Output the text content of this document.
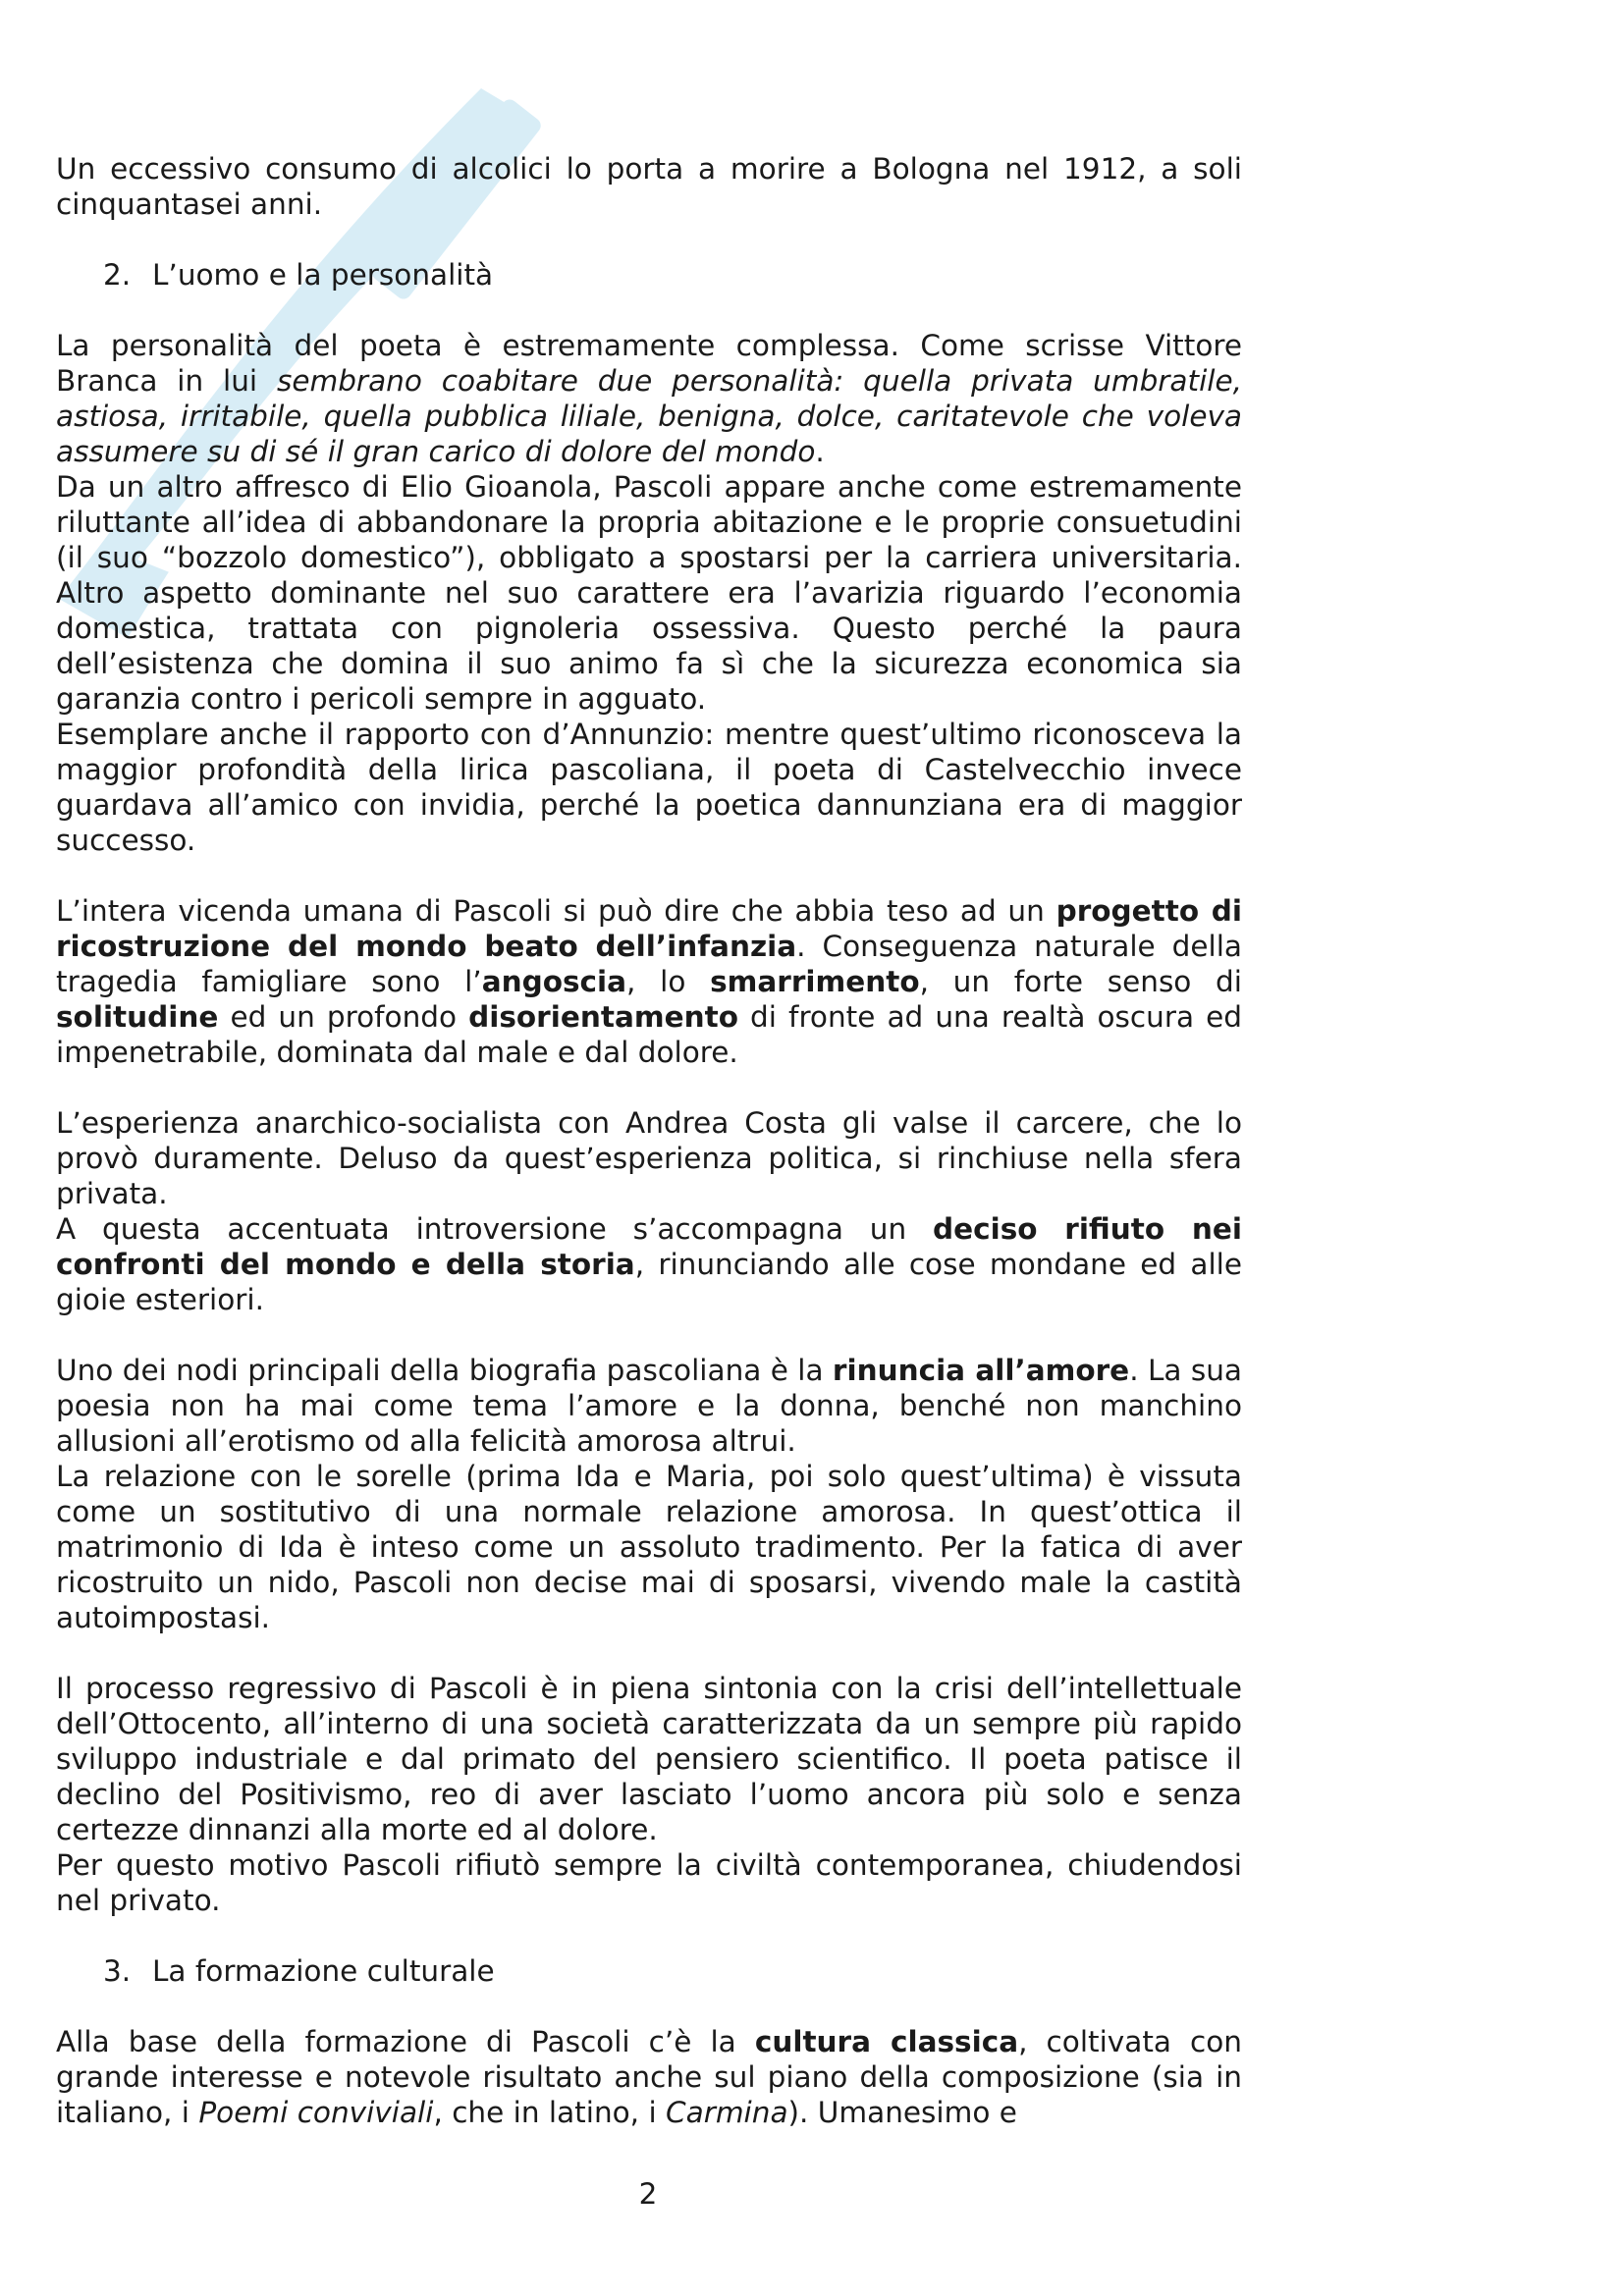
Un eccessivo consumo di alcolici lo porta a morire a Bologna nel 1912, a soli cinquantasei anni.

2. L’uomo e la personalità

La personalità del poeta è estremamente complessa. Come scrisse Vittore Branca in lui sembrano coabitare due personalità: quella privata umbratile, astiosa, irritabile, quella pubblica liliale, benigna, dolce, caritatevole che voleva assumere su di sé il gran carico di dolore del mondo.

Da un altro affresco di Elio Gioanola, Pascoli appare anche come estremamente riluttante all’idea di abbandonare la propria abitazione e le proprie consuetudini (il suo “bozzolo domestico”), obbligato a spostarsi per la carriera universitaria. Altro aspetto dominante nel suo carattere era l’avarizia riguardo l’economia domestica, trattata con pignoleria ossessiva. Questo perché la paura dell’esistenza che domina il suo animo fa sì che la sicurezza economica sia garanzia contro i pericoli sempre in agguato.

Esemplare anche il rapporto con d’Annunzio: mentre quest’ultimo riconosceva la maggior profondità della lirica pascoliana, il poeta di Castelvecchio invece guardava all’amico con invidia, perché la poetica dannunziana era di maggior successo.

L’intera vicenda umana di Pascoli si può dire che abbia teso ad un progetto di ricostruzione del mondo beato dell’infanzia. Conseguenza naturale della tragedia famigliare sono l’angoscia, lo smarrimento, un forte senso di solitudine ed un profondo disorientamento di fronte ad una realtà oscura ed impenetrabile, dominata dal male e dal dolore.

L’esperienza anarchico-socialista con Andrea Costa gli valse il carcere, che lo provò duramente. Deluso da quest’esperienza politica, si rinchiuse nella sfera privata.

A questa accentuata introversione s’accompagna un deciso rifiuto nei confronti del mondo e della storia, rinunciando alle cose mondane ed alle gioie esteriori.

Uno dei nodi principali della biografia pascoliana è la rinuncia all’amore. La sua poesia non ha mai come tema l’amore e la donna, benché non manchino allusioni all’erotismo od alla felicità amorosa altrui.

La relazione con le sorelle (prima Ida e Maria, poi solo quest’ultima) è vissuta come un sostitutivo di una normale relazione amorosa. In quest’ottica il matrimonio di Ida è inteso come un assoluto tradimento. Per la fatica di aver ricostruito un nido, Pascoli non decise mai di sposarsi, vivendo male la castità autoimpostasi.

Il processo regressivo di Pascoli è in piena sintonia con la crisi dell’intellettuale dell’Ottocento, all’interno di una società caratterizzata da un sempre più rapido sviluppo industriale e dal primato del pensiero scientifico. Il poeta patisce il declino del Positivismo, reo di aver lasciato l’uomo ancora più solo e senza certezze dinnanzi alla morte ed al dolore.

Per questo motivo Pascoli rifiutò sempre la civiltà contemporanea, chiudendosi nel privato.

3. La formazione culturale

Alla base della formazione di Pascoli c’è la cultura classica, coltivata con grande interesse e notevole risultato anche sul piano della composizione (sia in italiano, i Poemi conviviali, che in latino, i Carmina). Umanesimo e

2
